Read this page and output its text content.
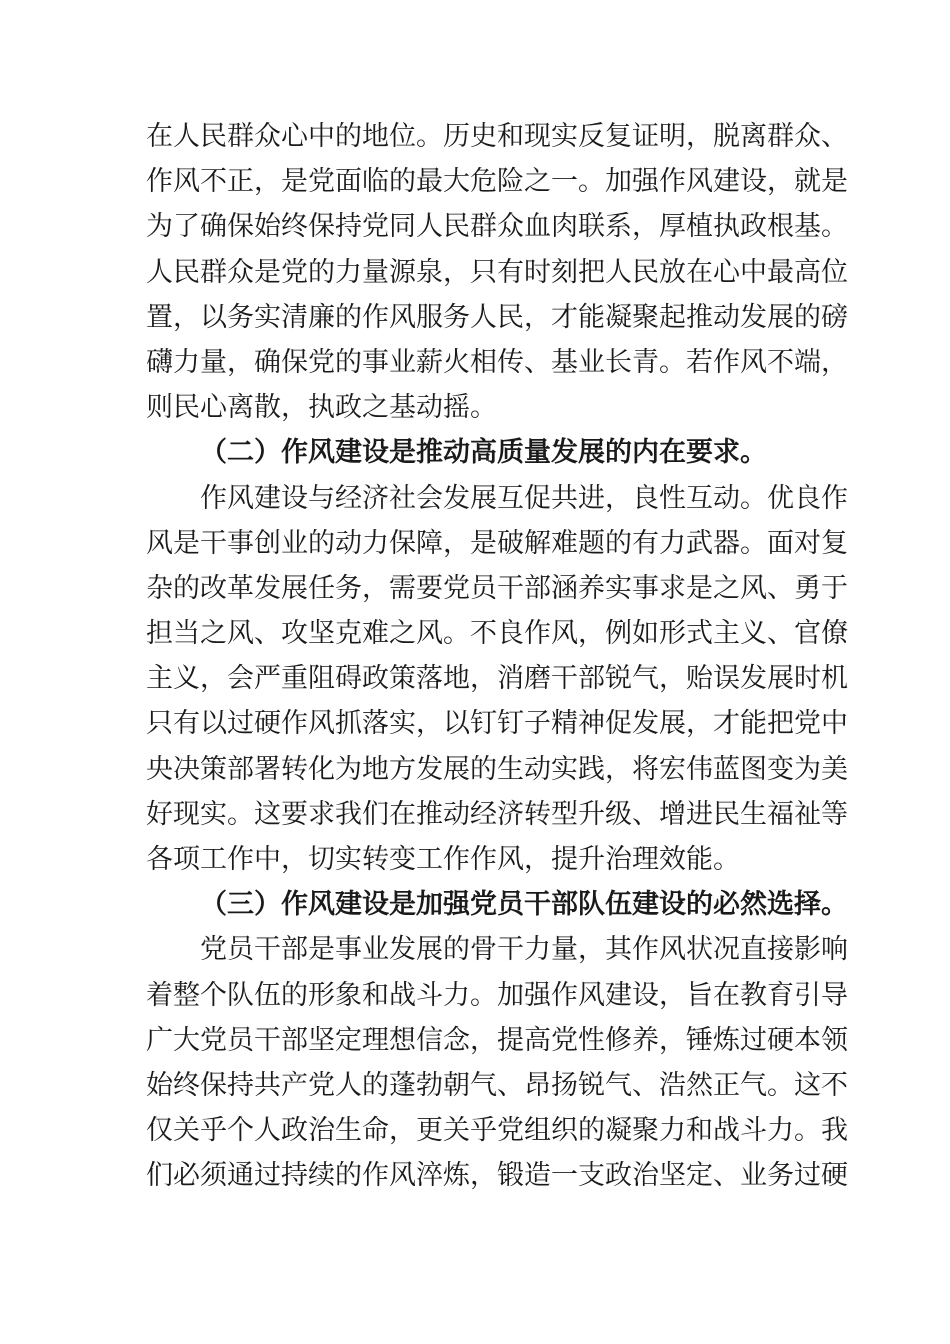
在人民群众心中的地位。历史和现实反复证明，脱离群众、
作风不正，是党面临的最大危险之一。加强作风建设，就是
为了确保始终保持党同人民群众血肉联系，厚植执政根基。
人民群众是党的力量源泉，只有时刻把人民放在心中最高位
置，以务实清廉的作风服务人民，才能凝聚起推动发展的磅
礴力量，确保党的事业薪火相传、基业长青。若作风不端，
则民心离散，执政之基动摇。
（二）作风建设是推动高质量发展的内在要求。
作风建设与经济社会发展互促共进，良性互动。优良作
风是干事创业的动力保障，是破解难题的有力武器。面对复
杂的改革发展任务，需要党员干部涵养实事求是之风、勇于
担当之风、攻坚克难之风。不良作风，例如形式主义、官僚
主义，会严重阻碍政策落地，消磨干部锐气，贻误发展时机
只有以过硬作风抓落实，以钉钉子精神促发展，才能把党中
央决策部署转化为地方发展的生动实践，将宏伟蓝图变为美
好现实。这要求我们在推动经济转型升级、增进民生福祉等
各项工作中，切实转变工作作风，提升治理效能。
（三）作风建设是加强党员干部队伍建设的必然选择。
党员干部是事业发展的骨干力量，其作风状况直接影响
着整个队伍的形象和战斗力。加强作风建设，旨在教育引导
广大党员干部坚定理想信念，提高党性修养，锤炼过硬本领
始终保持共产党人的蓬勃朝气、昂扬锐气、浩然正气。这不
仅关乎个人政治生命，更关乎党组织的凝聚力和战斗力。我
们必须通过持续的作风淬炼，锻造一支政治坚定、业务过硬
